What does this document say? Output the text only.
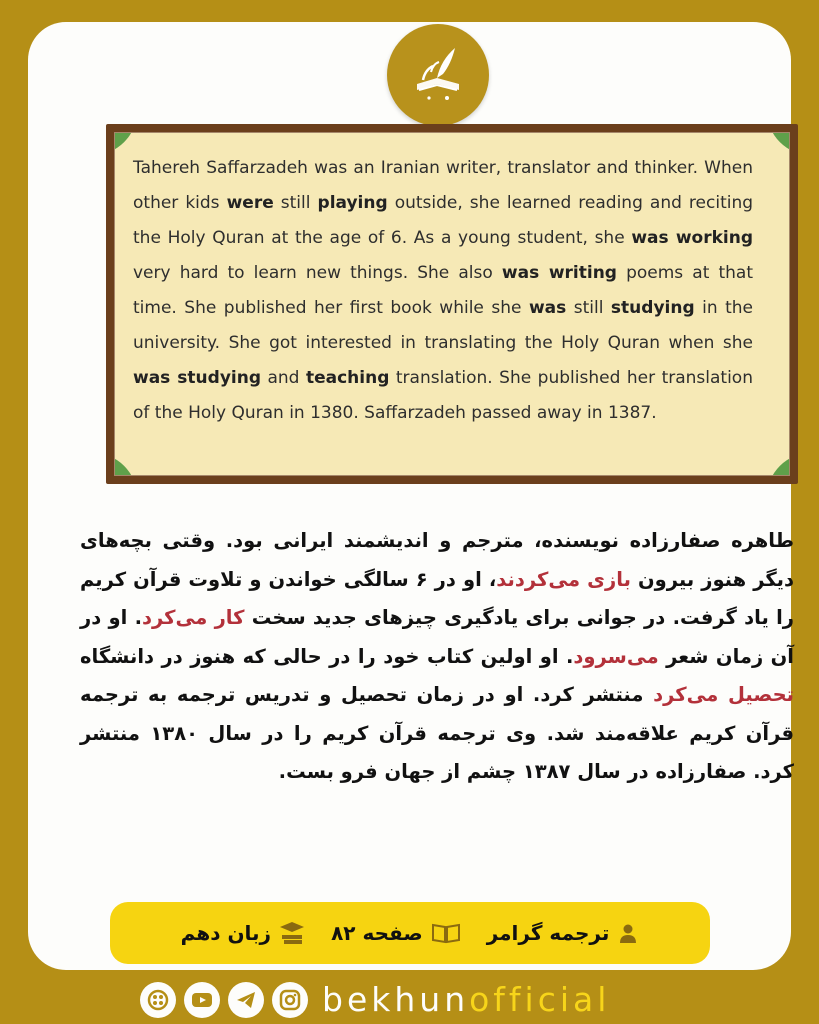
Tahereh Saffarzadeh was an Iranian writer, translator and thinker. When other kids were still playing outside, she learned reading and reciting the Holy Quran at the age of 6. As a young student, she was working very hard to learn new things. She also was writing poems at that time. She published her first book while she was still studying in the university. She got interested in translating the Holy Quran when she was studying and teaching translation. She published her translation of the Holy Quran in 1380. Saffarzadeh passed away in 1387.
طاهره صفارزاده نویسنده، مترجم و اندیشمند ایرانی بود. وقتی بچه‌های دیگر هنوز بیرون بازی می‌کردند، او در ۶ سالگی خواندن و تلاوت قرآن کریم را یاد گرفت. در جوانی برای یادگیری چیزهای جدید سخت کار می‌کرد. او در آن زمان شعر می‌سرود. او اولین کتاب خود را در حالی که هنوز در دانشگاه تحصیل می‌کرد منتشر کرد. او در زمان تحصیل و تدریس ترجمه به ترجمه قرآن کریم علاقه‌مند شد. وی ترجمه قرآن کریم را در سال ۱۳۸۰ منتشر کرد. صفارزاده در سال ۱۳۸۷ چشم از جهان فرو بست.
ترجمه گرامر
صفحه ۸۲
زبان دهم
bekhunofficial
